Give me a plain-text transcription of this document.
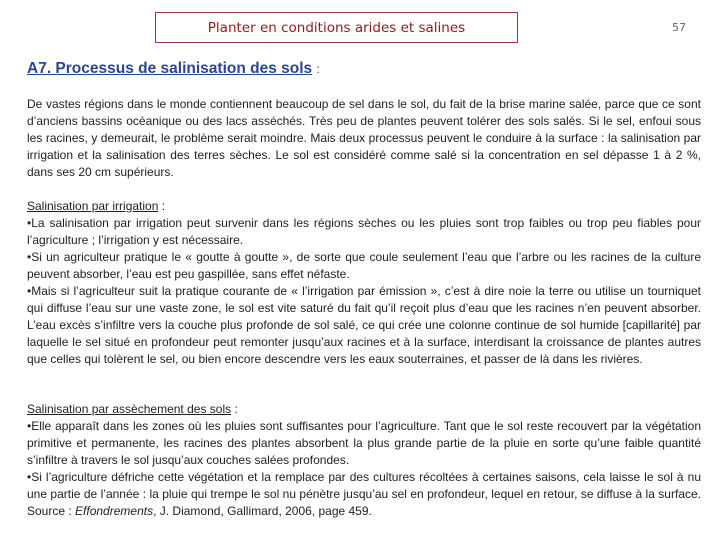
Planter en conditions arides et salines	57
A7. Processus de salinisation des sols :

De vastes régions dans le monde contiennent beaucoup de sel dans le sol, du fait de la brise marine salée, parce que ce sont d’anciens bassins océanique ou des lacs asséchés. Très peu de plantes peuvent tolérer des sols salés. Si le sel, enfoui sous les racines, y demeurait, le problème serait moindre. Mais deux processus peuvent le conduire à la surface : la salinisation par irrigation et la salinisation des terres sèches. Le sol est considéré comme salé si la concentration en sel dépasse 1 à 2 %, dans ses 20 cm supérieurs.

Salinisation par irrigation :
•La salinisation par irrigation peut survenir dans les régions sèches ou les pluies sont trop faibles ou trop peu fiables pour l’agriculture ; l’irrigation y est nécessaire.
•Si un agriculteur pratique le « goutte à goutte », de sorte que coule seulement l’eau que l’arbre ou les racines de la culture peuvent absorber, l’eau est peu gaspillée, sans effet néfaste.
•Mais si l’agriculteur suit la pratique courante de « l’irrigation par émission », c’est à dire noie la terre ou utilise un tourniquet qui diffuse l’eau sur une vaste zone, le sol est vite saturé du fait qu’il reçoit plus d’eau que les racines n’en peuvent absorber. L’eau excès s’infiltre vers la couche plus profonde de sol salé, ce qui crée une colonne continue de sol humide [capillarité] par laquelle le sel situé en profondeur peut remonter jusqu’aux racines et à la surface, interdisant la croissance de plantes autres que celles qui tolèrent le sel, ou bien encore descendre vers les eaux souterraines, et passer de là dans les rivières.
Salinisation par assèchement des sols :
•Elle apparaît dans les zones où les pluies sont suffisantes pour l’agriculture. Tant que le sol reste recouvert par la végétation primitive et permanente, les racines des plantes absorbent la plus grande partie de la pluie en sorte qu’une faible quantité s’infiltre à travers le sol jusqu’aux couches salées profondes.
•Si l’agriculture défriche cette végétation et la remplace par des cultures récoltées à certaines saisons, cela laisse le sol à nu une partie de l’année : la pluie qui trempe le sol nu pénètre jusqu’au sel en profondeur, lequel en retour, se diffuse à la surface. Source : Effondrements, J. Diamond, Gallimard, 2006, page 459.
